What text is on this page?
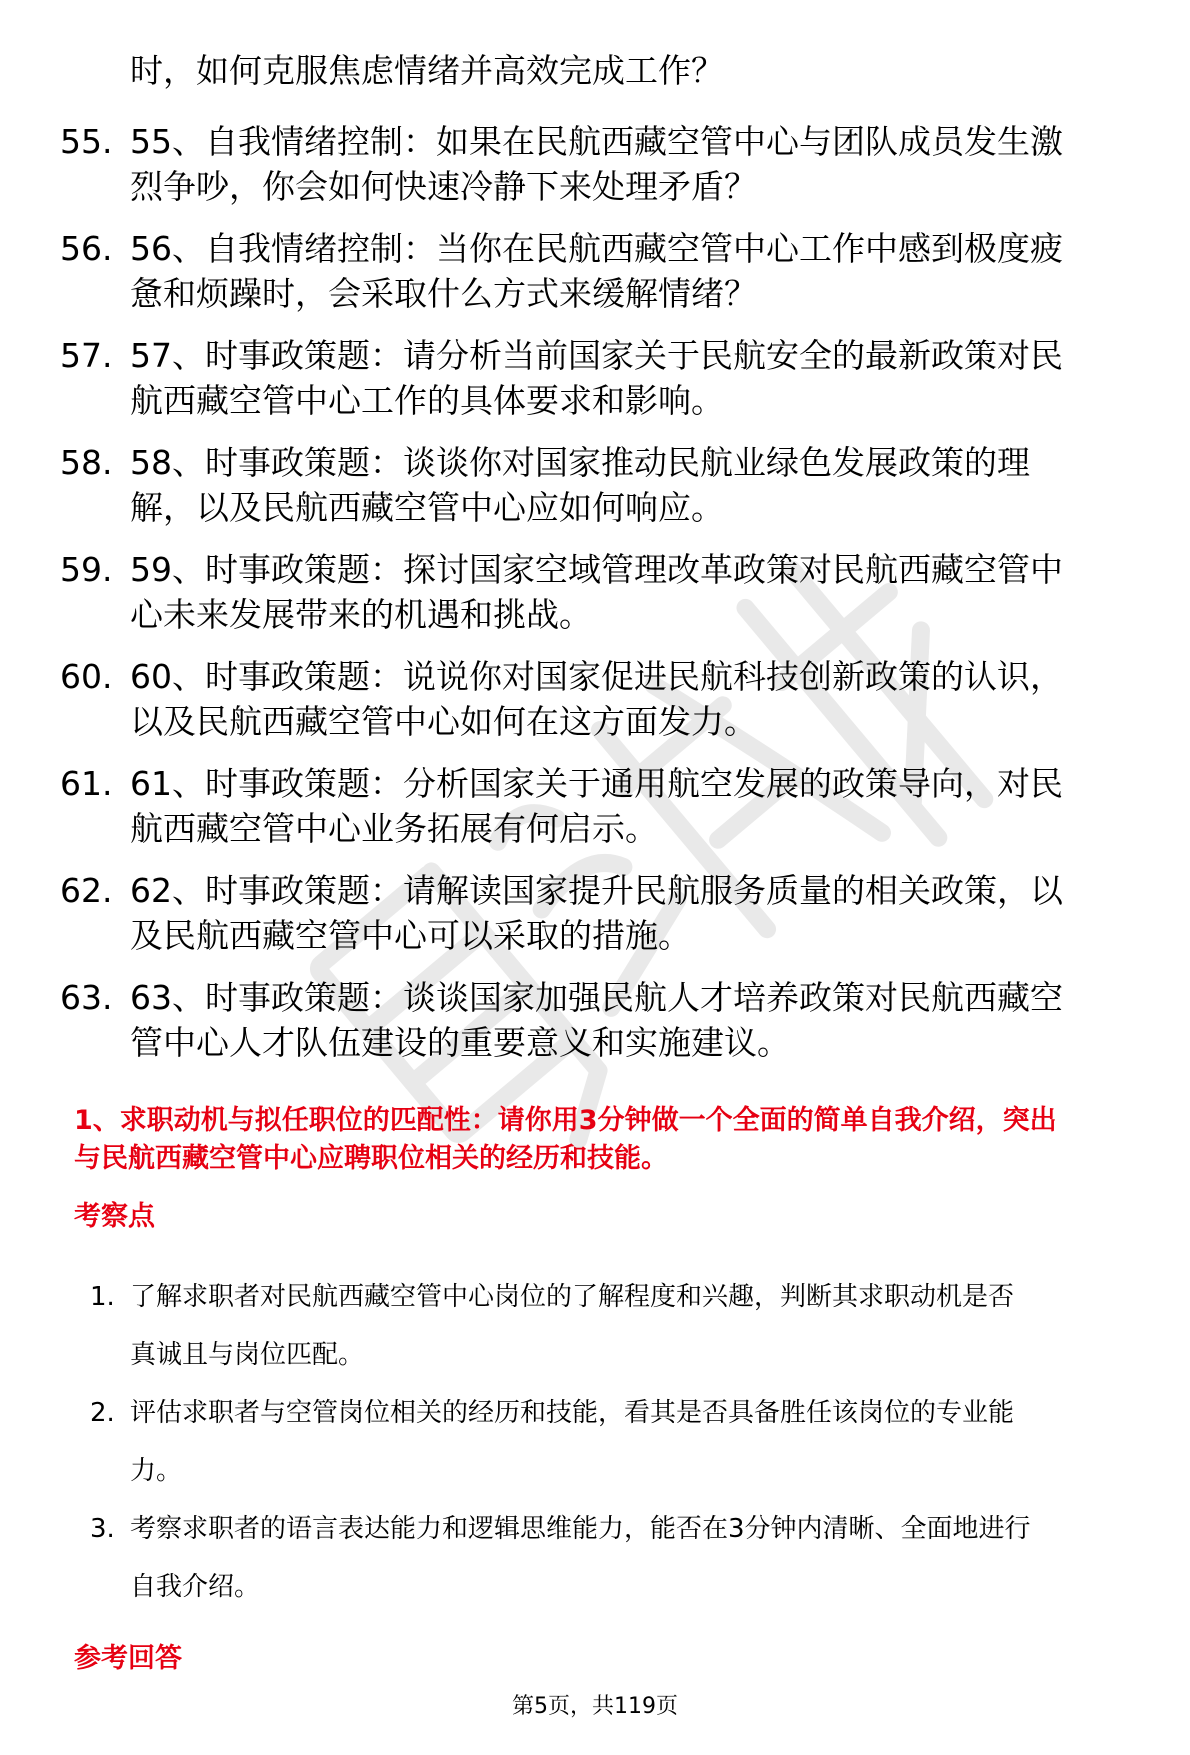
时，如何克服焦虑情绪并高效完成工作？
55. 55、自我情绪控制：如果在民航西藏空管中心与团队成员发生激
烈争吵，你会如何快速冷静下来处理矛盾？
56. 56、自我情绪控制：当你在民航西藏空管中心工作中感到极度疲
惫和烦躁时，会采取什么方式来缓解情绪？
57. 57、时事政策题：请分析当前国家关于民航安全的最新政策对民
航西藏空管中心工作的具体要求和影响。
58. 58、时事政策题：谈谈你对国家推动民航业绿色发展政策的理
解，以及民航西藏空管中心应如何响应。
59. 59、时事政策题：探讨国家空域管理改革政策对民航西藏空管中
心未来发展带来的机遇和挑战。
60. 60、时事政策题：说说你对国家促进民航科技创新政策的认识，
以及民航西藏空管中心如何在这方面发力。
61. 61、时事政策题：分析国家关于通用航空发展的政策导向，对民
航西藏空管中心业务拓展有何启示。
62. 62、时事政策题：请解读国家提升民航服务质量的相关政策，以
及民航西藏空管中心可以采取的措施。
63. 63、时事政策题：谈谈国家加强民航人才培养政策对民航西藏空
管中心人才队伍建设的重要意义和实施建议。
1、求职动机与拟任职位的匹配性：请你用3分钟做一个全面的简单自我介绍，突出
与民航西藏空管中心应聘职位相关的经历和技能。
考察点
1. 了解求职者对民航西藏空管中心岗位的了解程度和兴趣，判断其求职动机是否
真诚且与岗位匹配。
2. 评估求职者与空管岗位相关的经历和技能，看其是否具备胜任该岗位的专业能
力。
3. 考察求职者的语言表达能力和逻辑思维能力，能否在3分钟内清晰、全面地进行
自我介绍。
参考回答
第5页，共119页
